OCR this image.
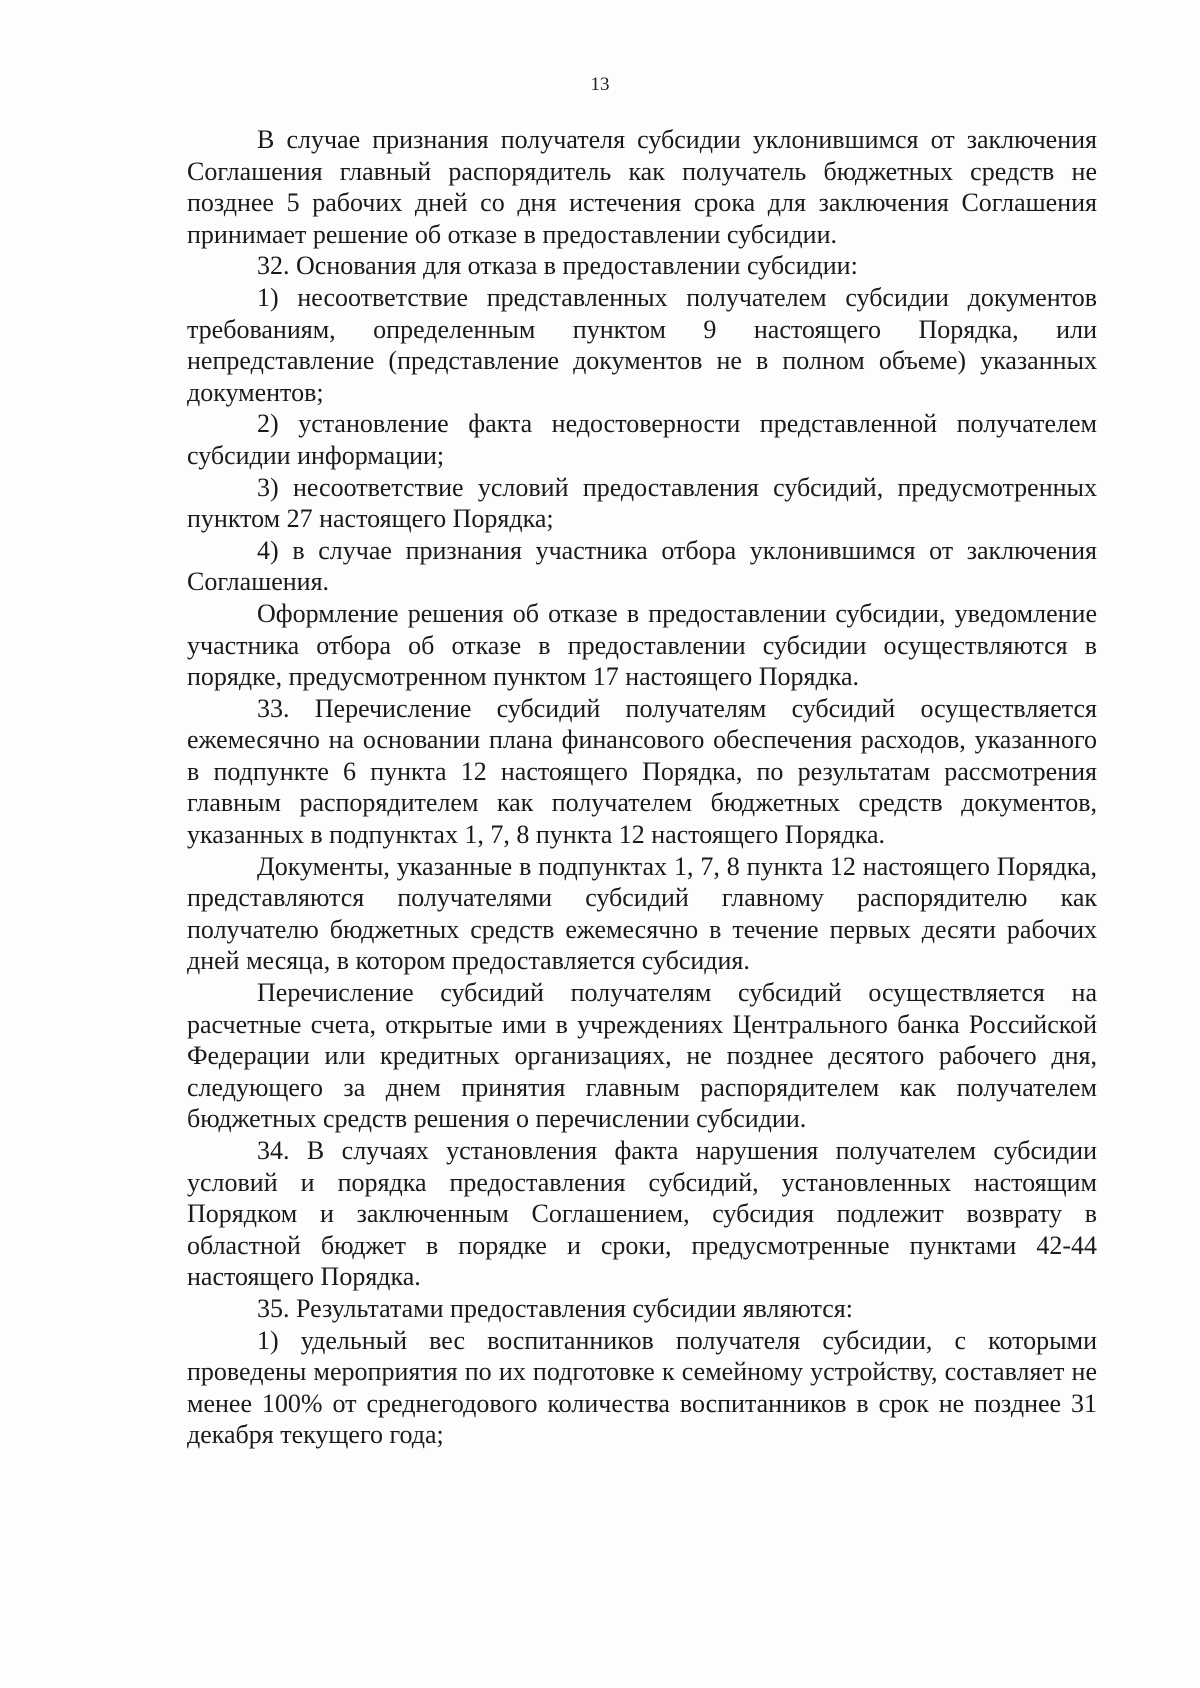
13

В случае признания получателя субсидии уклонившимся от заключения Соглашения главный распорядитель как получатель бюджетных средств не позднее 5 рабочих дней со дня истечения срока для заключения Соглашения принимает решение об отказе в предоставлении субсидии.

32. Основания для отказа в предоставлении субсидии:

1) несоответствие представленных получателем субсидии документов требованиям, определенным пунктом 9 настоящего Порядка, или непредставление (представление документов не в полном объеме) указанных документов;

2) установление факта недостоверности представленной получателем субсидии информации;

3) несоответствие условий предоставления субсидий, предусмотренных пунктом 27 настоящего Порядка;

4) в случае признания участника отбора уклонившимся от заключения Соглашения.

Оформление решения об отказе в предоставлении субсидии, уведомление участника отбора об отказе в предоставлении субсидии осуществляются в порядке, предусмотренном пунктом 17 настоящего Порядка.

33. Перечисление субсидий получателям субсидий осуществляется ежемесячно на основании плана финансового обеспечения расходов, указанного в подпункте 6 пункта 12 настоящего Порядка, по результатам рассмотрения главным распорядителем как получателем бюджетных средств документов, указанных в подпунктах 1, 7, 8 пункта 12 настоящего Порядка.

Документы, указанные в подпунктах 1, 7, 8 пункта 12 настоящего Порядка, представляются получателями субсидий главному распорядителю как получателю бюджетных средств ежемесячно в течение первых десяти рабочих дней месяца, в котором предоставляется субсидия.

Перечисление субсидий получателям субсидий осуществляется на расчетные счета, открытые ими в учреждениях Центрального банка Российской Федерации или кредитных организациях, не позднее десятого рабочего дня, следующего за днем принятия главным распорядителем как получателем бюджетных средств решения о перечислении субсидии.

34. В случаях установления факта нарушения получателем субсидии условий и порядка предоставления субсидий, установленных настоящим Порядком и заключенным Соглашением, субсидия подлежит возврату в областной бюджет в порядке и сроки, предусмотренные пунктами 42-44 настоящего Порядка.

35. Результатами предоставления субсидии являются:

1) удельный вес воспитанников получателя субсидии, с которыми проведены мероприятия по их подготовке к семейному устройству, составляет не менее 100% от среднегодового количества воспитанников в срок не позднее 31 декабря текущего года;
